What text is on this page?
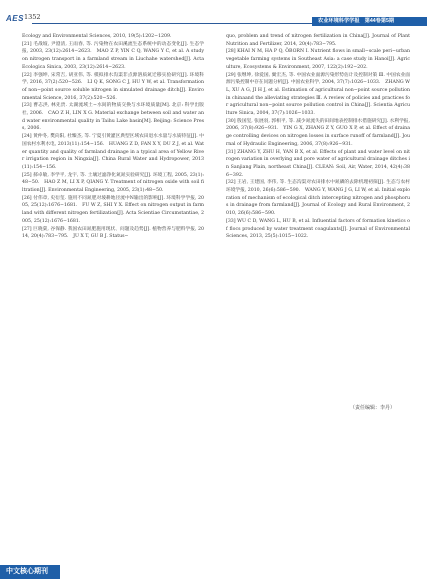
AES 1352	农业环境科学学报　第44卷第5期

Ecology and Environmental Sciences, 2010, 19(5):1202−1209.

[21] 毛战坡, 尹澄清, 王雨春, 等. 污染物在农田溪流生态系统中的动态变化[J]. 生态学报, 2003, 23(12):2614−2623.　MAO Z P, YIN C Q, WANG Y C, et al. A study on nitrogen transport in a farmland stream in Liuchahe watershed[J]. Acta Ecologica Sinica, 2003, 23(12):2614−2623.

[22] 李强坤, 宋常吉, 胡亚伟, 等. 模拟排水沟渠非点源溶质氮迁移实验研究[J]. 环境科学, 2016, 37(2):520−526.　LI Q K, SONG C J, HU Y W, et al. Transformation of non−point source soluble nitrogen in simulated drainage ditch[J]. Environmental Science, 2016, 37(2):520−526.

[23] 曹志洪, 林先贵. 太湖流域土−水间的物质交换与水环境质量[M]. 北京: 科学出版社, 2006.　CAO Z H, LIN X G. Material exchange between soil and water and water environmental quality in Taihu Lake basin[M]. Beijing: Science Press, 2006.

[24] 黄仲冬, 樊向阳, 杜臻杰, 等. 宁夏引黄灌区典型区域农田退水水量与水质特征[J]. 中国农村水利水电, 2013(11):154−156.　HUANG Z D, FAN X Y, DU Z J, et al. Water quantity and quality of farmland drainage in a typical area of Yellow River irrigation region in Ningxia[J]. China Rural Water and Hydropower, 2013(11):154−156.

[25] 郝卓敏, 李学平, 龙宇, 等. 土壤过滤净化氮氮实验研究[J]. 环境工程, 2005, 23(1):48−50.　HAO Z M, LI X P, QIANG Y. Treatment of nitrogen oxide with soil filtration[J]. Environmental Engineering, 2005, 23(1):48−50.

[26] 付伟章, 史衍玺. 施用不同氮肥对坡耕地径流中N输出的影响[J]. 环境科学学报, 2005, 25(12):1676−1681.　FU W Z, SHI Y X. Effect on nitrogen output in farmland with different nitrogen fertilization[J]. Acta Scientiae Circumstantiae, 2005, 25(12):1676−1681.

[27] 巨晓棠, 谷保静. 我国农田氮肥施用现状、问题及趋势[J]. 植物营养与肥料学报, 2014, 20(4):783−795.　JU X T, GU B J. Status−

quo, problem and trend of nitrogen fertilization in China[J]. Journal of Plant Nutrition and Fertilizer, 2014, 20(4):783−795.

[28] KHAI N M, HA P Q, ÖBORN I. Nutrient flows in small−scale peri−urban vegetable farming systems in Southeast Asia: a case study in Hanoi[J]. Agriculture, Ecosystems & Environment, 2007, 122(2):192−202.

[29] 张继坤, 徐爱国, 翼宏杰, 等. 中国农业面源污染形势估计及控制对策 Ⅲ. 中国农业面源污染控制中存在问题分析[J]. 中国农业科学, 2004, 37(7):1026−1033.　ZHANG W L, XU A G, JI H J, et al. Estimation of agricultural non−point source pollution in chinaand the alleviating strategies Ⅲ. A review of policies and practices for agricultural non−point source pollution control in China[J]. Scientia Agriculture Sinica, 2004, 37(7):1026−1033.

[30] 殷国玺, 张展羽, 郭相平, 等. 减少氮流失的田间地表控制排水措施研究[J]. 水利学报, 2006, 37(8):926−931.　YIN G X, ZHANG Z Y, GUO X P, et al. Effect of drainage controlling devices on nitrogen losses in surface runoff of farmland[J]. Journal of Hydraulic Engineering, 2006, 37(8):926−931.

[31] ZHANG Y, ZHU H, YAN B X, et al. Effects of plant and water level on nitrogen variation in overlying and pore water of agricultural drainage ditches in Sanjiang Plain, northeast China[J]. CLEAN: Soil, Air, Water, 2014, 42(4):386−392.

[32] 王岩, 王建国, 李伟, 等. 生态沟渠对农田排水中氮磷的去除机理初探[J]. 生态与农村环境学报, 2010, 26(6):586−590.　WANG Y, WANG J G, LI W, et al. Initial exploration of mechanism of ecological ditch intercepting nitrogen and phosphorus in drainage from farmland[J]. Journal of Ecology and Rural Environment, 2010, 26(6):586−590.

[33] WU C D, WANG L, HU B, et al. Influential factors of formation kinetics of flocs produced by water treatment coagulants[J]. Journal of Environmental Sciences, 2013, 25(5):1015−1022.

（责任编辑：李丹）
中文核心期刊
